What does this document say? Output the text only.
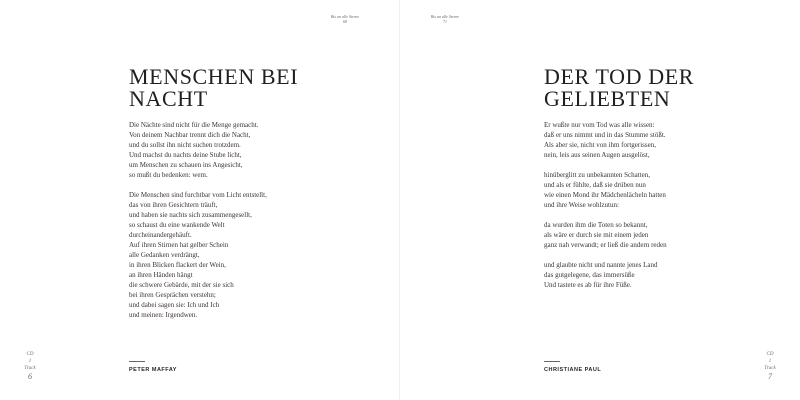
Bis an alle Sterne
68
MENSCHEN BEI
NACHT
Die Nächte sind nicht für die Menge gemacht.
Von deinem Nachbar trennt dich die Nacht,
und du sollst ihn nicht suchen trotzdem.
Und machst du nachts deine Stube licht,
um Menschen zu schauen ins Angesicht,
so mußt du bedenken: wem.
Die Menschen sind furchtbar vom Licht entstellt,
das von ihren Gesichtern träuft,
und haben sie nachts sich zusammengesellt,
so schaust du eine wankende Welt
durcheinandergehäuft.
Auf ihren Stirnen hat gelber Schein
alle Gedanken verdrängt,
in ihren Blicken flackert der Wein,
an ihren Händen hängt
die schwere Gebärde, mit der sie sich
bei ihren Gesprächen verstehn;
und dabei sagen sie: Ich und Ich
und meinen: Irgendwen.
PETER MAFFAY
CD
1
Track
6
Bis an alle Sterne
71
DER TOD DER
GELIEBTEN
Er wußte nur vom Tod was alle wissen:
daß er uns nimmt und in das Stumme stößt.
Als aber sie, nicht von ihm fortgerissen,
nein, leis aus seinen Augen ausgelöst,
hinüberglitt zu unbekannten Schatten,
und als er fühlte, daß sie drüben nun
wie einen Mond ihr Mädchenlächeln hatten
und ihre Weise wohlzutun:
da wurden ihm die Toten so bekannt,
als wäre er durch sie mit einem jeden
ganz nah verwandt; er ließ die andern reden
und glaubte nicht und nannte jenes Land
das gutgelegene, das immersüße
Und tastete es ab für ihre Füße.
CHRISTIANE PAUL
CD
1
Track
7
